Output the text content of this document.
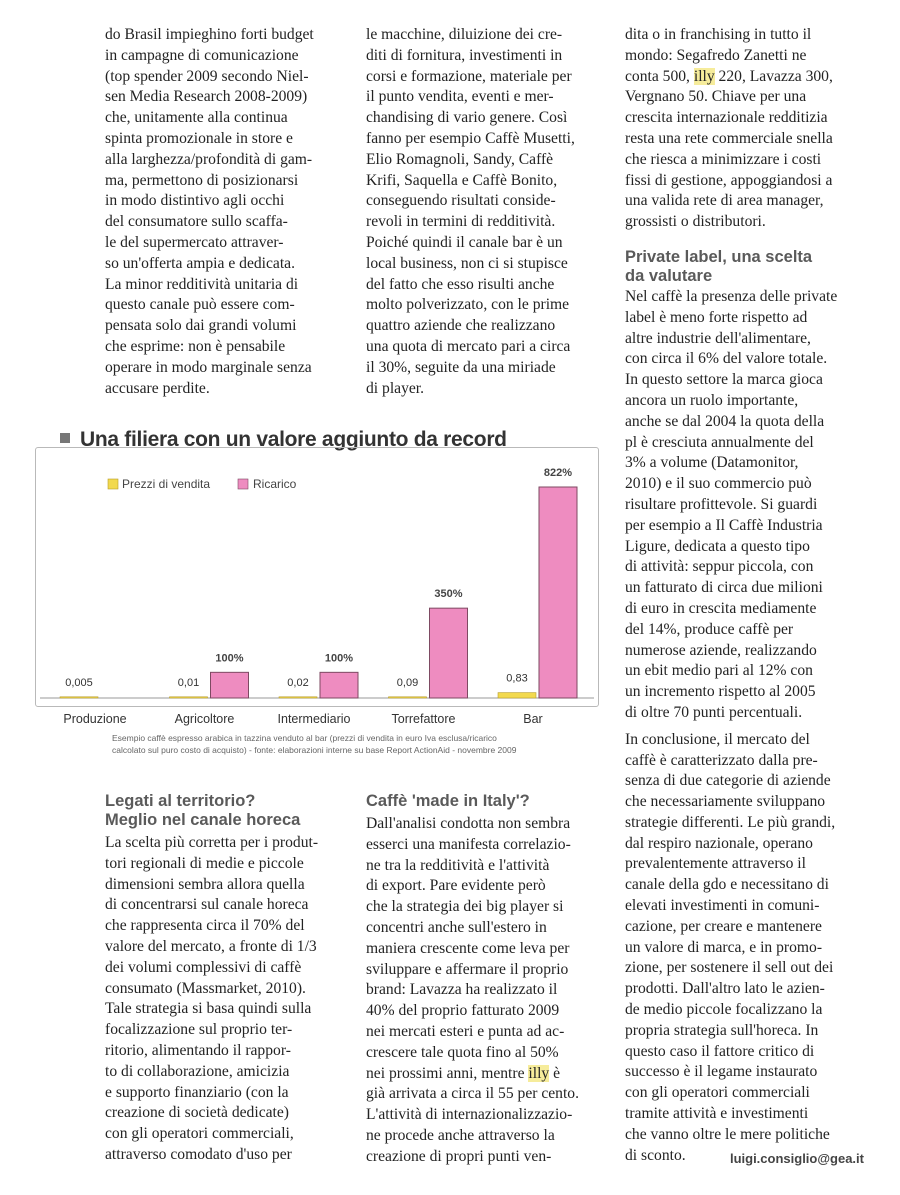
do Brasil impieghino forti budget

in campagne di comunicazione

(top spender 2009 secondo Niel-

sen Media Research 2008-2009)

che, unitamente alla continua

spinta promozionale in store e

alla larghezza/profondità di gam-

ma, permettono di posizionarsi

in modo distintivo agli occhi

del consumatore sullo scaffa-

le del supermercato attraver-

so un'offerta ampia e dedicata.

La minor redditività unitaria di

questo canale può essere com-

pensata solo dai grandi volumi

che esprime: non è pensabile

operare in modo marginale senza

accusare perdite.

le macchine, diluizione dei cre-

diti di fornitura, investimenti in

corsi e formazione, materiale per

il punto vendita, eventi e mer-

chandising di vario genere. Così

fanno per esempio Caffè Musetti,

Elio Romagnoli, Sandy, Caffè

Krifi, Saquella e Caffè Bonito,

conseguendo risultati conside-

revoli in termini di redditività.

Poiché quindi il canale bar è un

local business, non ci si stupisce

del fatto che esso risulti anche

molto polverizzato, con le prime

quattro aziende che realizzano

una quota di mercato pari a circa

il 30%, seguite da una miriade

di player.

dita o in franchising in tutto il

mondo: Segafredo Zanetti ne

conta 500, illy 220, Lavazza 300,

Vergnano 50. Chiave per una

crescita internazionale redditizia

resta una rete commerciale snella

che riesca a minimizzare i costi

fissi di gestione, appoggiandosi a

una valida rete di area manager,

grossisti o distributori.

Private label, una scelta
da valutare

Nel caffè la presenza delle private

label è meno forte rispetto ad

altre industrie dell'alimentare,

con circa il 6% del valore totale.

In questo settore la marca gioca

ancora un ruolo importante,

anche se dal 2004 la quota della

pl è cresciuta annualmente del

3% a volume (Datamonitor,

2010) e il suo commercio può

risultare profittevole. Si guardi

per esempio a Il Caffè Industria

Ligure, dedicata a questo tipo

di attività: seppur piccola, con

un fatturato di circa due milioni

di euro in crescita mediamente

del 14%, produce caffè per

numerose aziende, realizzando

un ebit medio pari al 12% con

un incremento rispetto al 2005

di oltre 70 punti percentuali.

In conclusione, il mercato del

caffè è caratterizzato dalla pre-

senza di due categorie di aziende

che necessariamente sviluppano

strategie differenti. Le più grandi,

dal respiro nazionale, operano

prevalentemente attraverso il

canale della gdo e necessitano di

elevati investimenti in comuni-

cazione, per creare e mantenere

un valore di marca, e in promo-

zione, per sostenere il sell out dei

prodotti. Dall'altro lato le azien-

de medio piccole focalizzano la

propria strategia sull'horeca. In

questo caso il fattore critico di

successo è il legame instaurato

con gli operatori commerciali

tramite attività e investimenti

che vanno oltre le mere politiche

di sconto.	luigi.consiglio@gea.it
Una filiera con un valore aggiunto da record
0,005
Produzione
0,01
100%
Agricoltore
0,02
100%
Intermediario
0,09
350%
Torrefattore
0,83
822%
Bar
Prezzi di vendita	Ricarico
Esempio caffè espresso arabica in tazzina venduto al bar (prezzi di vendita in euro Iva esclusa/ricarico
calcolato sul puro costo di acquisto) - fonte: elaborazioni interne su base Report ActionAid - novembre 2009
Legati al territorio?
Meglio nel canale horeca

La scelta più corretta per i produt-

tori regionali di medie e piccole

dimensioni sembra allora quella

di concentrarsi sul canale horeca

che rappresenta circa il 70% del

valore del mercato, a fronte di 1/3

dei volumi complessivi di caffè

consumato (Massmarket, 2010).

Tale strategia si basa quindi sulla

focalizzazione sul proprio ter-

ritorio, alimentando il rappor-

to di collaborazione, amicizia

e supporto finanziario (con la

creazione di società dedicate)

con gli operatori commerciali,

attraverso comodato d'uso per

Caffè 'made in Italy'?

Dall'analisi condotta non sembra

esserci una manifesta correlazio-

ne tra la redditività e l'attività

di export. Pare evidente però

che la strategia dei big player si

concentri anche sull'estero in

maniera crescente come leva per

sviluppare e affermare il proprio

brand: Lavazza ha realizzato il

40% del proprio fatturato 2009

nei mercati esteri e punta ad ac-

crescere tale quota fino al 50%

nei prossimi anni, mentre illy è

già arrivata a circa il 55 per cento.

L'attività di internazionalizzazio-

ne procede anche attraverso la

creazione di propri punti ven-
